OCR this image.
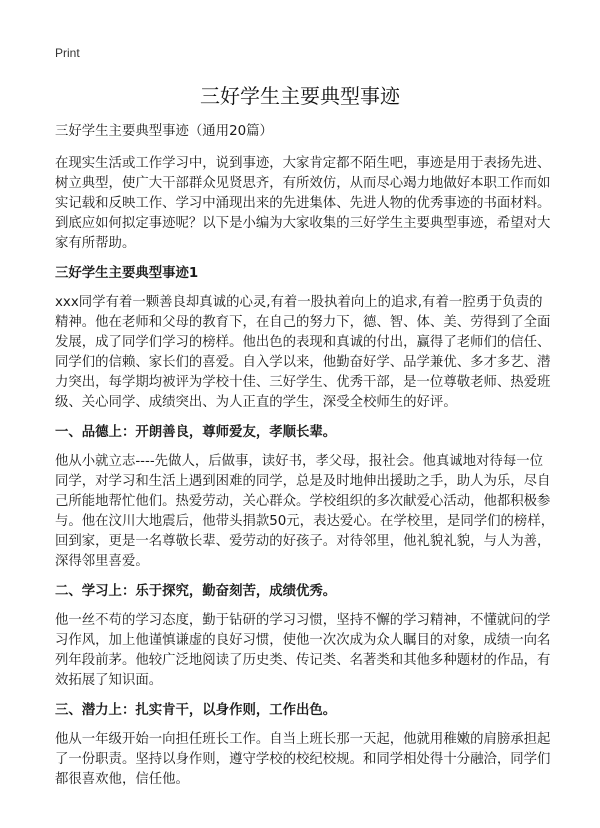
Print
三好学生主要典型事迹

三好学生主要典型事迹（通用20篇）

在现实生活或工作学习中，说到事迹，大家肯定都不陌生吧，事迹是用于表扬先进、树立典型，使广大干部群众见贤思齐，有所效仿，从而尽心竭力地做好本职工作而如实记载和反映工作、学习中涌现出来的先进集体、先进人物的优秀事迹的书面材料。到底应如何拟定事迹呢？以下是小编为大家收集的三好学生主要典型事迹，希望对大家有所帮助。

三好学生主要典型事迹1

xxx同学有着一颗善良却真诚的心灵,有着一股执着向上的追求,有着一腔勇于负责的精神。他在老师和父母的教育下，在自己的努力下，德、智、体、美、劳得到了全面发展，成了同学们学习的榜样。他出色的表现和真诚的付出，赢得了老师们的信任、同学们的信赖、家长们的喜爱。自入学以来，他勤奋好学、品学兼优、多才多艺、潜力突出，每学期均被评为学校十佳、三好学生、优秀干部，是一位尊敬老师、热爱班级、关心同学、成绩突出、为人正直的学生，深受全校师生的好评。

一、品德上：开朗善良，尊师爱友，孝顺长辈。

他从小就立志----先做人，后做事，读好书，孝父母，报社会。他真诚地对待每一位同学，对学习和生活上遇到困难的同学，总是及时地伸出援助之手，助人为乐，尽自己所能地帮忙他们。热爱劳动，关心群众。学校组织的多次献爱心活动，他都积极参与。他在汶川大地震后，他带头捐款50元，表达爱心。在学校里，是同学们的榜样，回到家，更是一名尊敬长辈、爱劳动的好孩子。对待邻里，他礼貌礼貌，与人为善，深得邻里喜爱。

二、学习上：乐于探究，勤奋刻苦，成绩优秀。

他一丝不苟的学习态度，勤于钻研的学习习惯，坚持不懈的学习精神，不懂就问的学习作风，加上他谨慎谦虚的良好习惯，使他一次次成为众人瞩目的对象，成绩一向名列年段前茅。他较广泛地阅读了历史类、传记类、名著类和其他多种题材的作品，有效拓展了知识面。

三、潜力上：扎实肯干，以身作则，工作出色。

他从一年级开始一向担任班长工作。自当上班长那一天起，他就用稚嫩的肩膀承担起了一份职责。坚持以身作则，遵守学校的校纪校规。和同学相处得十分融洽，同学们都很喜欢他，信任他。
